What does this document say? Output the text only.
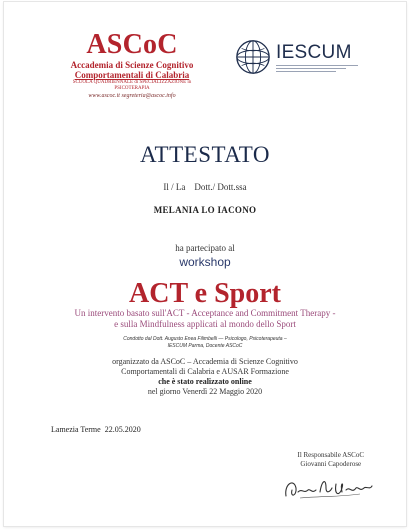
ASCoC
Accademia di Scienze Cognitivo
Comportamentali di Calabria
SCUOLA QUADRIENNALE di SPECIALIZZAZIONE in PSICOTERAPIA
www.ascoc.it segreteria@ascoc.info
IESCUM
ATTESTATO
Il / La    Dott./ Dott.ssa
MELANIA LO IACONO
ha partecipato al
workshop
ACT e Sport
Un intervento basato sull'ACT - Acceptance and Commitment Therapy -
e sulla Mindfulness applicati al mondo dello Sport
Condotto dal Dott. Augusto Enea Filimbelli — Psicologo, Psicoterapeuta –
IESCUM Parma, Docente ASCoC
organizzato da ASCoC – Accademia di Scienze Cognitivo
Comportamentali di Calabria e AUSAR Formazione
che è stato realizzato online
nel giorno Venerdì 22 Maggio 2020
Lamezia Terme  22.05.2020
Il Responsabile ASCoC
Giovanni Capoderose
